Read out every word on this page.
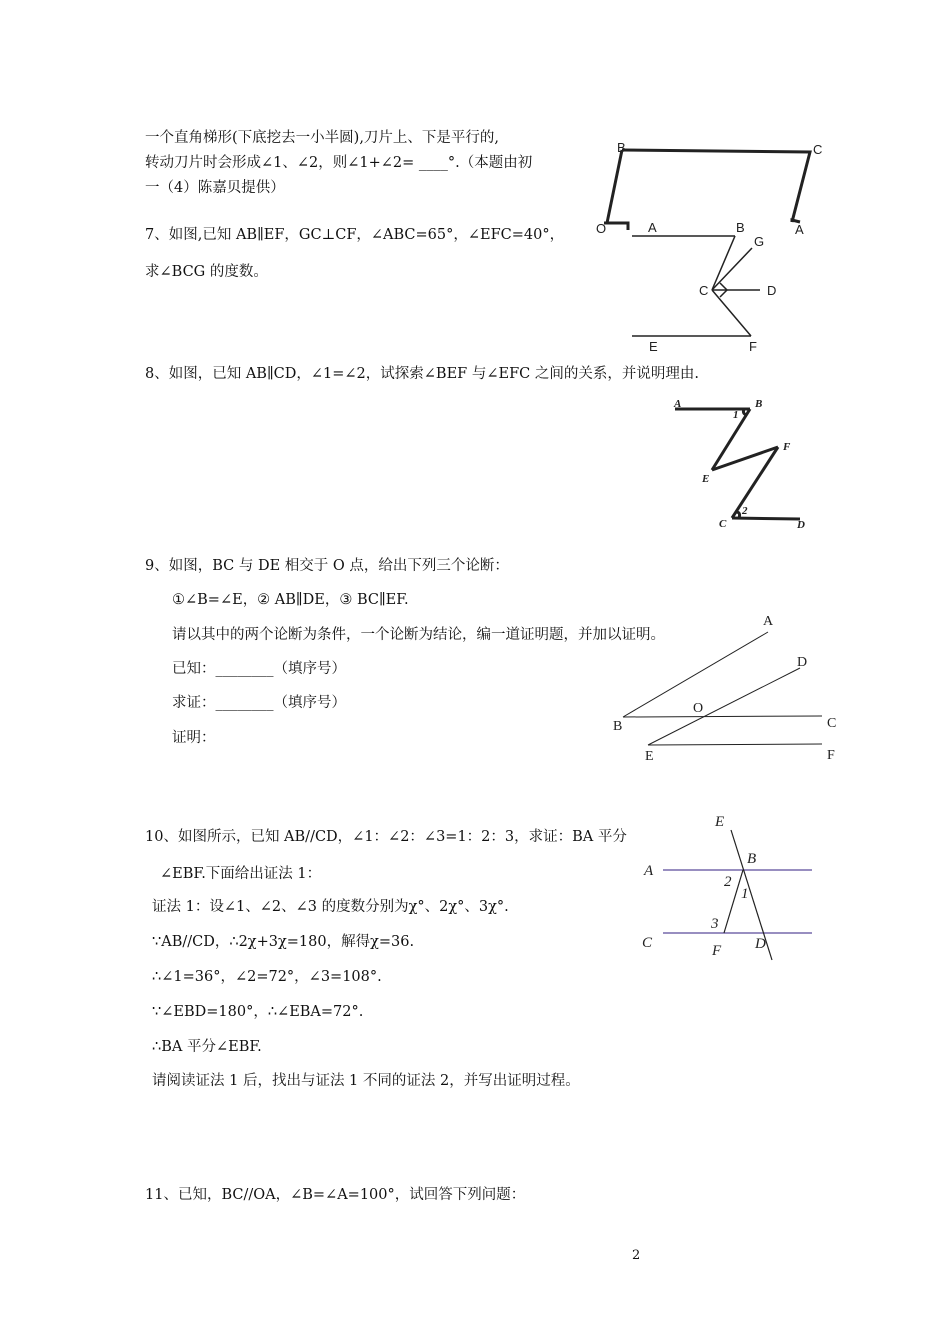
一个直角梯形(下底挖去一小半圆),刀片上、下是平行的,
转动刀片时会形成∠1、∠2，则∠1+∠2= ____°.（本题由初
一（4）陈嘉贝提供）
B	C
O	A
7、如图,已知 AB∥EF，GC⊥CF，∠ABC=65°，∠EFC=40°，
求∠BCG 的度数。
A	B
G
C	D
E	F
8、如图，已知 AB∥CD，∠1=∠2，试探索∠BEF 与∠EFC 之间的关系，并说明理由.
A	B
1
F
E
C
2
D
9、如图，BC 与 DE 相交于 O 点，给出下列三个论断：
①∠B=∠E，② AB∥DE，③ BC∥EF.
请以其中的两个论断为条件，一个论断为结论，编一道证明题，并加以证明。
已知：________（填序号）
求证：________（填序号）
证明：
A
D
O
B	C
E	F
10、如图所示，已知 AB//CD，∠1：∠2：∠3=1：2：3，求证：BA 平分
∠EBF.下面给出证法 1：
证法 1：设∠1、∠2、∠3 的度数分别为χ°、2χ°、3χ°.
∵AB//CD，∴2χ+3χ=180，解得χ=36.
∴∠1=36°，∠2=72°，∠3=108°.
∵∠EBD=180°，∴∠EBA=72°.
∴BA 平分∠EBF.
请阅读证法 1 后，找出与证法 1 不同的证法 2，并写出证明过程。
E
A
B
2
1
3
C	F D
11、已知，BC//OA，∠B=∠A=100°，试回答下列问题：
2
